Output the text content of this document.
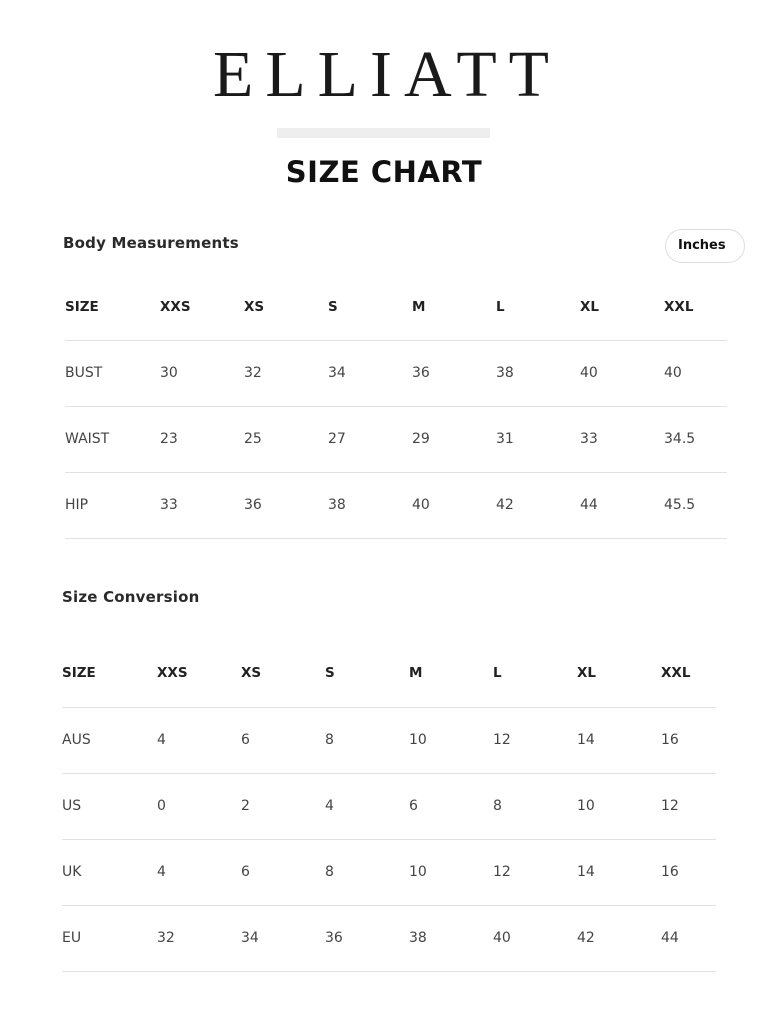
ELLIATT
SIZE CHART
Body Measurements	Inches
SIZE	XXS	XS	S	M	L	XL	XXL
BUST	30	32	34	36	38	40	40
WAIST	23	25	27	29	31	33	34.5
HIP	33	36	38	40	42	44	45.5
Size Conversion
SIZE	XXS	XS	S	M	L	XL	XXL
AUS	4	6	8	10	12	14	16
US	0	2	4	6	8	10	12
UK	4	6	8	10	12	14	16
EU	32	34	36	38	40	42	44
